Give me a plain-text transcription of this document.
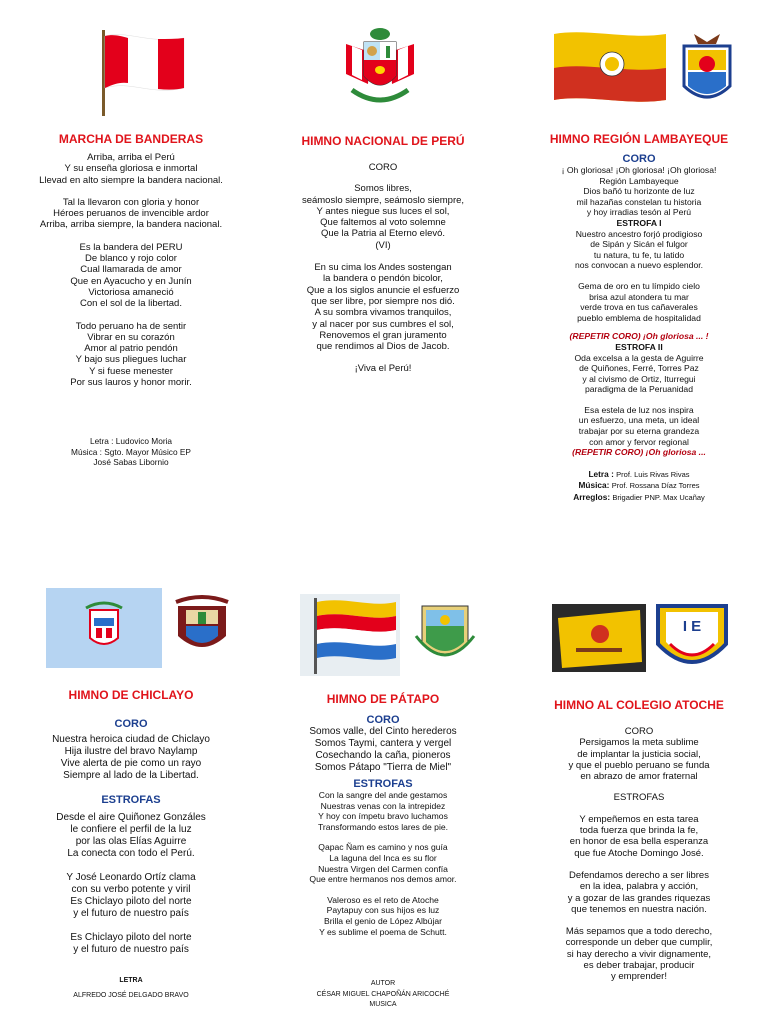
I E

MARCHA DE BANDERAS

Arriba, arriba el Perú

Y su enseña gloriosa e inmortal

Llevad en alto siempre la bandera nacional.

Tal la llevaron con gloria y honor

Héroes peruanos de invencible ardor

Arriba, arriba siempre, la bandera nacional.

Es la bandera del PERU

De blanco y rojo color

Cual llamarada de amor

Que en Ayacucho y en Junín

Victoriosa amaneció

Con el sol de la libertad.

Todo peruano ha de sentir

Vibrar en su corazón

Amor al patrio pendón

Y bajo sus pliegues luchar

Y si fuese menester

Por sus lauros y honor morir.

Letra : Ludovico Moria

Música : Sgto. Mayor Músico EP

José Sabas Libornio

HIMNO NACIONAL DE PERÚ

CORO

Somos libres,

seámoslo siempre, seámoslo siempre,

Y antes niegue sus luces el sol,

Que faltemos al voto solemne

Que la Patria al Eterno elevó.

(VI)

En su cima los Andes sostengan

la bandera o pendón bicolor,

Que a los siglos anuncie el esfuerzo

que ser libre, por siempre nos dió.

A su sombra vivamos tranquilos,

y al nacer por sus cumbres el sol,

Renovemos el gran juramento

que rendimos al Dios de Jacob.

¡Viva el Perú!

HIMNO REGIÓN LAMBAYEQUE

CORO

¡ Oh gloriosa! ¡Oh gloriosa! ¡Oh gloriosa!

Región Lambayeque

Dios bañó tu horizonte de luz

mil hazañas constelan tu historia

y hoy irradias tesón al Perú

ESTROFA I

Nuestro ancestro forjó prodigioso

de Sipán y Sicán el fulgor

tu natura, tu fe, tu latido

nos convocan a nuevo esplendor.

Gema de oro en tu límpido cielo

brisa azul atondera tu mar

verde trova en tus cañaverales

pueblo emblema de hospitalidad

(REPETIR CORO) ¡Oh gloriosa ... !

ESTROFA II

Oda excelsa a la gesta de Aguirre

de Quiñones, Ferré, Torres Paz

y al civismo de Ortiz, Iturregui

paradigma de la Peruanidad

Esa estela de luz nos inspira

un esfuerzo, una meta, un ideal

trabajar por su eterna grandeza

con amor y fervor regional

(REPETIR CORO) ¡Oh gloriosa ...

Letra : Prof. Luis Rivas Rivas

Música: Prof. Rossana Díaz Torres

Arreglos: Brigadier PNP. Max Ucañay

HIMNO DE CHICLAYO

CORO

Nuestra heroica ciudad de Chiclayo

Hija ilustre del bravo Naylamp

Vive alerta de pie como un rayo

Siempre al lado de la Libertad.

ESTROFAS

Desde el aire Quiñonez Gonzáles

le confiere el perfil de la luz

por las olas Elías Aguirre

La conecta con todo el Perú.

Y José Leonardo Ortíz clama

con su verbo potente y viril

Es Chiclayo piloto del norte

y el futuro de nuestro país

Es Chiclayo piloto del norte

y el futuro de nuestro país

LETRA

ALFREDO JOSÉ DELGADO BRAVO

HIMNO DE PÁTAPO

CORO

Somos valle, del Cinto herederos

Somos Taymi, cantera y vergel

Cosechando la caña, pioneros

Somos Pátapo "Tierra de Miel"

ESTROFAS

Con la sangre del ande gestamos

Nuestras venas con la intrepidez

Y hoy con ímpetu bravo luchamos

Transformando estos lares de pie.

Qapac Ñam es camino y nos guía

La laguna del Inca es su flor

Nuestra Virgen del Carmen confía

Que entre hermanos nos demos amor.

Valeroso es el reto de Atoche

Paytapuy con sus hijos es luz

Brilla el genio de López Albújar

Y es sublime el poema de Schutt.

AUTOR

CÉSAR MIGUEL CHAPOÑÁN ARICOCHÉ

MUSICA

HIMNO AL COLEGIO ATOCHE

CORO

Persigamos la meta sublime

de implantar la justicia social,

y que el pueblo peruano se funda

en abrazo de amor fraternal

ESTROFAS

Y empeñemos en esta tarea

toda fuerza que brinda la fe,

en honor de esa bella esperanza

que fue Atoche Domingo José.

Defendamos derecho a ser libres

en la idea, palabra y acción,

y a gozar de las grandes riquezas

que tenemos en nuestra nación.

Más sepamos que a todo derecho,

corresponde un deber que cumplir,

si hay derecho a vivir dignamente,

es deber trabajar, producir

y emprender!
